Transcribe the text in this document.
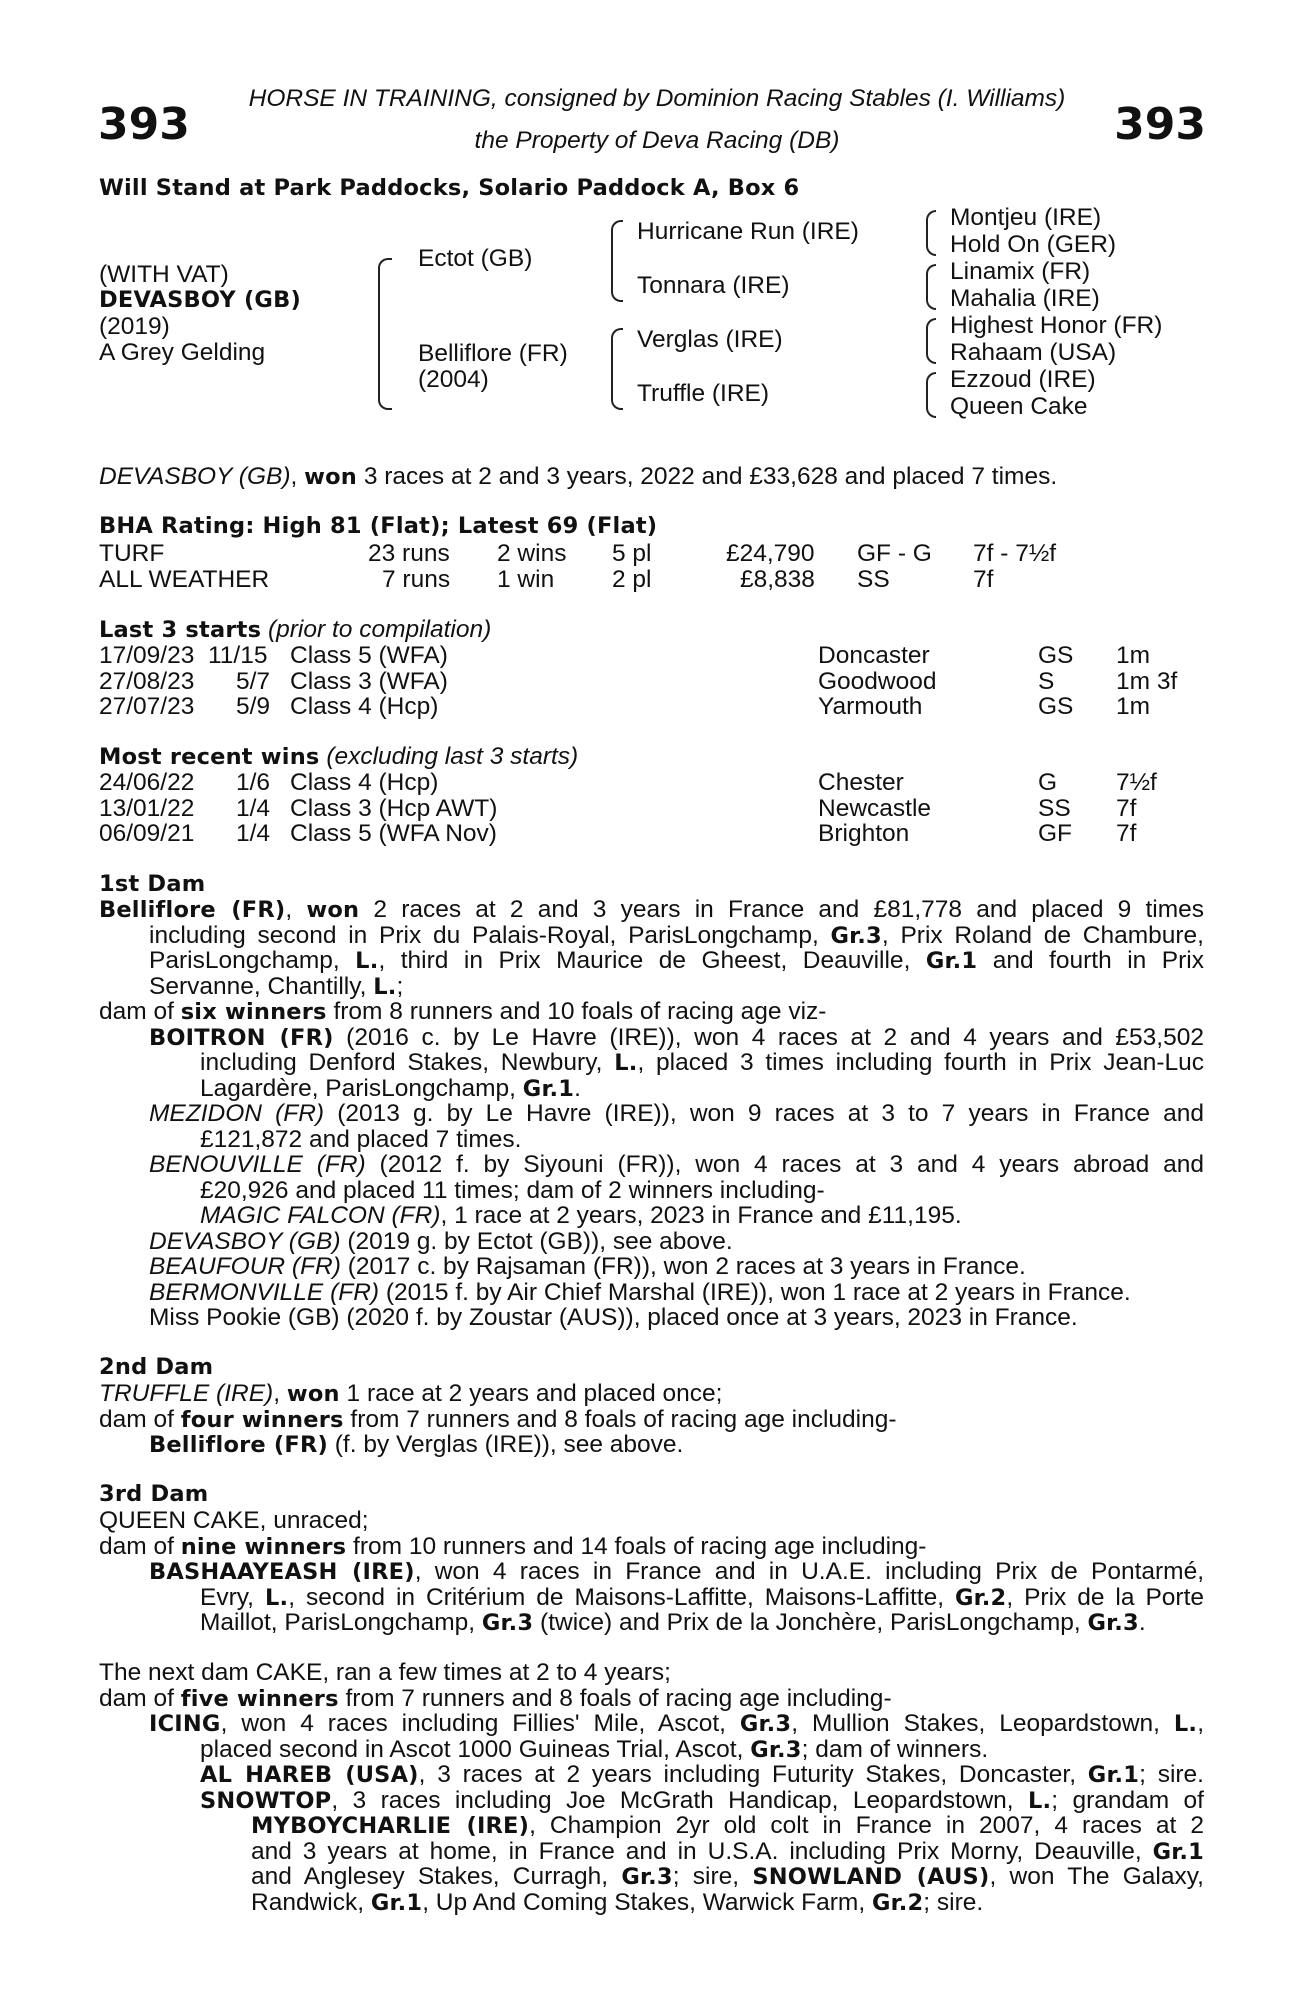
HORSE IN TRAINING, consigned by Dominion Racing Stables (I. Williams)
393	the Property of Deva Racing (DB)	393
Will Stand at Park Paddocks, Solario Paddock A, Box 6
(WITH VAT)
DEVASBOY (GB)
(2019)
A Grey Gelding
Ectot (GB)
Belliflore (FR)
(2004)
Hurricane Run (IRE)
Tonnara (IRE)
Verglas (IRE)
Truffle (IRE)
Montjeu (IRE)
Hold On (GER)
Linamix (FR)
Mahalia (IRE)
Highest Honor (FR)
Rahaam (USA)
Ezzoud (IRE)
Queen Cake
DEVASBOY (GB), won 3 races at 2 and 3 years, 2022 and £33,628 and placed 7 times.
BHA Rating: High 81 (Flat); Latest 69 (Flat)
TURF	23 runs 2 wins 5 pl	£24,790 GF - G 7f - 7½f
ALL WEATHER	7 runs 1 win 2 pl	£8,838 SS	7f
Last 3 starts (prior to compilation)
17/09/23 11/15 Class 5 (WFA)	Doncaster	GS 1m
27/08/23 5/7 Class 3 (WFA)	Goodwood	S	1m 3f
27/07/23 5/9 Class 4 (Hcp)	Yarmouth	GS 1m
Most recent wins (excluding last 3 starts)
24/06/22 1/6 Class 4 (Hcp)	Chester	G 7½f
13/01/22 1/4 Class 3 (Hcp AWT)	Newcastle	SS 7f
06/09/21 1/4 Class 5 (WFA Nov)	Brighton	GF 7f
1st Dam
Belliflore (FR), won 2 races at 2 and 3 years in France and £81,778 and placed 9 times
including second in Prix du Palais-Royal, ParisLongchamp, Gr.3, Prix Roland de Chambure,
ParisLongchamp, L., third in Prix Maurice de Gheest, Deauville, Gr.1 and fourth in Prix
Servanne, Chantilly, L.;
dam of six winners from 8 runners and 10 foals of racing age viz-
BOITRON (FR) (2016 c. by Le Havre (IRE)), won 4 races at 2 and 4 years and £53,502
including Denford Stakes, Newbury, L., placed 3 times including fourth in Prix Jean-Luc
Lagardère, ParisLongchamp, Gr.1.
MEZIDON (FR) (2013 g. by Le Havre (IRE)), won 9 races at 3 to 7 years in France and
£121,872 and placed 7 times.
BENOUVILLE (FR) (2012 f. by Siyouni (FR)), won 4 races at 3 and 4 years abroad and
£20,926 and placed 11 times; dam of 2 winners including-
MAGIC FALCON (FR), 1 race at 2 years, 2023 in France and £11,195.
DEVASBOY (GB) (2019 g. by Ectot (GB)), see above.
BEAUFOUR (FR) (2017 c. by Rajsaman (FR)), won 2 races at 3 years in France.
BERMONVILLE (FR) (2015 f. by Air Chief Marshal (IRE)), won 1 race at 2 years in France.
Miss Pookie (GB) (2020 f. by Zoustar (AUS)), placed once at 3 years, 2023 in France.
2nd Dam
TRUFFLE (IRE), won 1 race at 2 years and placed once;
dam of four winners from 7 runners and 8 foals of racing age including-
Belliflore (FR) (f. by Verglas (IRE)), see above.
3rd Dam
QUEEN CAKE, unraced;
dam of nine winners from 10 runners and 14 foals of racing age including-
BASHAAYEASH (IRE), won 4 races in France and in U.A.E. including Prix de Pontarmé,
Evry, L., second in Critérium de Maisons-Laffitte, Maisons-Laffitte, Gr.2, Prix de la Porte
Maillot, ParisLongchamp, Gr.3 (twice) and Prix de la Jonchère, ParisLongchamp, Gr.3.
The next dam CAKE, ran a few times at 2 to 4 years;
dam of five winners from 7 runners and 8 foals of racing age including-
ICING, won 4 races including Fillies' Mile, Ascot, Gr.3, Mullion Stakes, Leopardstown, L.,
placed second in Ascot 1000 Guineas Trial, Ascot, Gr.3; dam of winners.
AL HAREB (USA), 3 races at 2 years including Futurity Stakes, Doncaster, Gr.1; sire.
SNOWTOP, 3 races including Joe McGrath Handicap, Leopardstown, L.; grandam of
MYBOYCHARLIE (IRE), Champion 2yr old colt in France in 2007, 4 races at 2
and 3 years at home, in France and in U.S.A. including Prix Morny, Deauville, Gr.1
and Anglesey Stakes, Curragh, Gr.3; sire, SNOWLAND (AUS), won The Galaxy,
Randwick, Gr.1, Up And Coming Stakes, Warwick Farm, Gr.2; sire.
